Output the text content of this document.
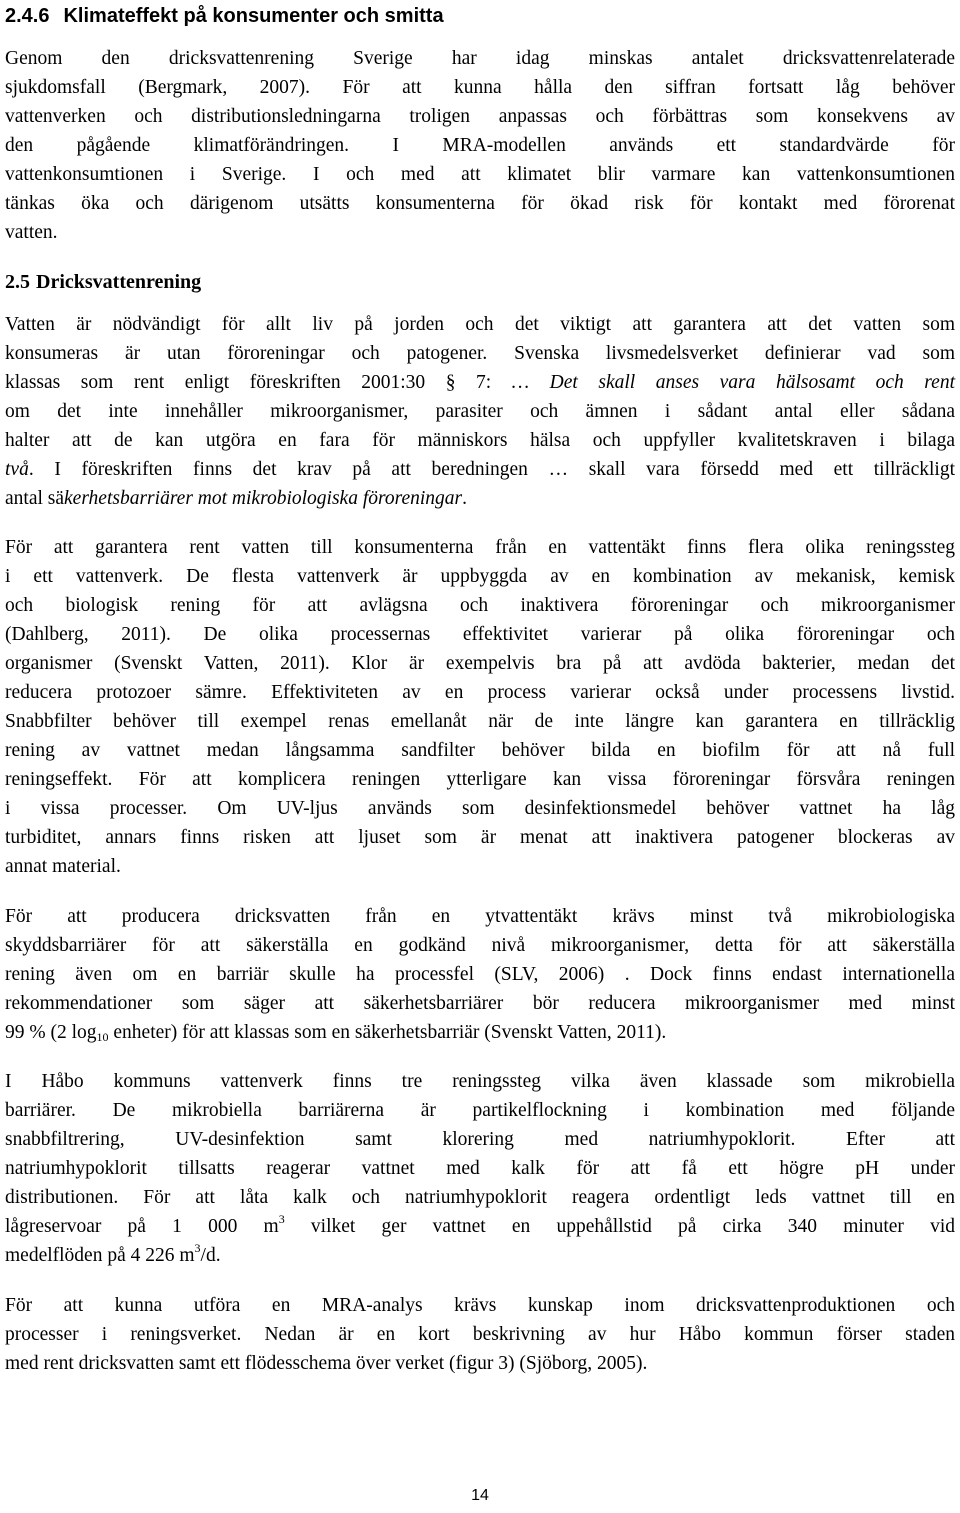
2.4.6 Klimateffekt på konsumenter och smitta
Genom den dricksvattenrening Sverige har idag minskas antalet dricksvattenrelaterade
sjukdomsfall (Bergmark, 2007). För att kunna hålla den siffran fortsatt låg behöver
vattenverken och distributionsledningarna troligen anpassas och förbättras som konsekvens av
den pågående klimatförändringen. I MRA-modellen används ett standardvärde för
vattenkonsumtionen i Sverige. I och med att klimatet blir varmare kan vattenkonsumtionen
tänkas öka och därigenom utsätts konsumenterna för ökad risk för kontakt med förorenat
vatten.
2.5 Dricksvattenrening
Vatten är nödvändigt för allt liv på jorden och det viktigt att garantera att det vatten som
konsumeras är utan föroreningar och patogener. Svenska livsmedelsverket definierar vad som
klassas som rent enligt föreskriften 2001:30 § 7: … Det skall anses vara hälsosamt och rent
om det inte innehåller mikroorganismer, parasiter och ämnen i sådant antal eller sådana
halter att de kan utgöra en fara för människors hälsa och uppfyller kvalitetskraven i bilaga
två. I föreskriften finns det krav på att beredningen … skall vara försedd med ett tillräckligt
antal säkerhetsbarriärer mot mikrobiologiska föroreningar.
För att garantera rent vatten till konsumenterna från en vattentäkt finns flera olika reningssteg
i ett vattenverk. De flesta vattenverk är uppbyggda av en kombination av mekanisk, kemisk
och biologisk rening för att avlägsna och inaktivera föroreningar och mikroorganismer
(Dahlberg, 2011). De olika processernas effektivitet varierar på olika föroreningar och
organismer (Svenskt Vatten, 2011). Klor är exempelvis bra på att avdöda bakterier, medan det
reducera protozoer sämre. Effektiviteten av en process varierar också under processens livstid.
Snabbfilter behöver till exempel renas emellanåt när de inte längre kan garantera en tillräcklig
rening av vattnet medan långsamma sandfilter behöver bilda en biofilm för att nå full
reningseffekt. För att komplicera reningen ytterligare kan vissa föroreningar försvåra reningen
i vissa processer. Om UV-ljus används som desinfektionsmedel behöver vattnet ha låg
turbiditet, annars finns risken att ljuset som är menat att inaktivera patogener blockeras av
annat material.
För att producera dricksvatten från en ytvattentäkt krävs minst två mikrobiologiska
skyddsbarriärer för att säkerställa en godkänd nivå mikroorganismer, detta för att säkerställa
rening även om en barriär skulle ha processfel (SLV, 2006) . Dock finns endast internationella
rekommendationer som säger att säkerhetsbarriärer bör reducera mikroorganismer med minst
99 % (2 $\log_{10}$ enheter) för att klassas som en säkerhetsbarriär (Svenskt Vatten, 2011).
I Håbo kommuns vattenverk finns tre reningssteg vilka även klassade som mikrobiella
barriärer. De mikrobiella barriärerna är partikelflockning i kombination med följande
snabbfiltrering, UV-desinfektion samt klorering med natriumhypoklorit. Efter att
natriumhypoklorit tillsatts reagerar vattnet med kalk för att få ett högre pH under
distributionen. För att låta kalk och natriumhypoklorit reagera ordentligt leds vattnet till en
lågreservoar på 1 000 $m^3$ vilket ger vattnet en uppehållstid på cirka 340 minuter vid
medelflöden på 4 226 $m^3/d$.
För att kunna utföra en MRA-analys krävs kunskap inom dricksvattenproduktionen och
processer i reningsverket. Nedan är en kort beskrivning av hur Håbo kommun förser staden
med rent dricksvatten samt ett flödesschema över verket (figur 3) (Sjöborg, 2005).
14
